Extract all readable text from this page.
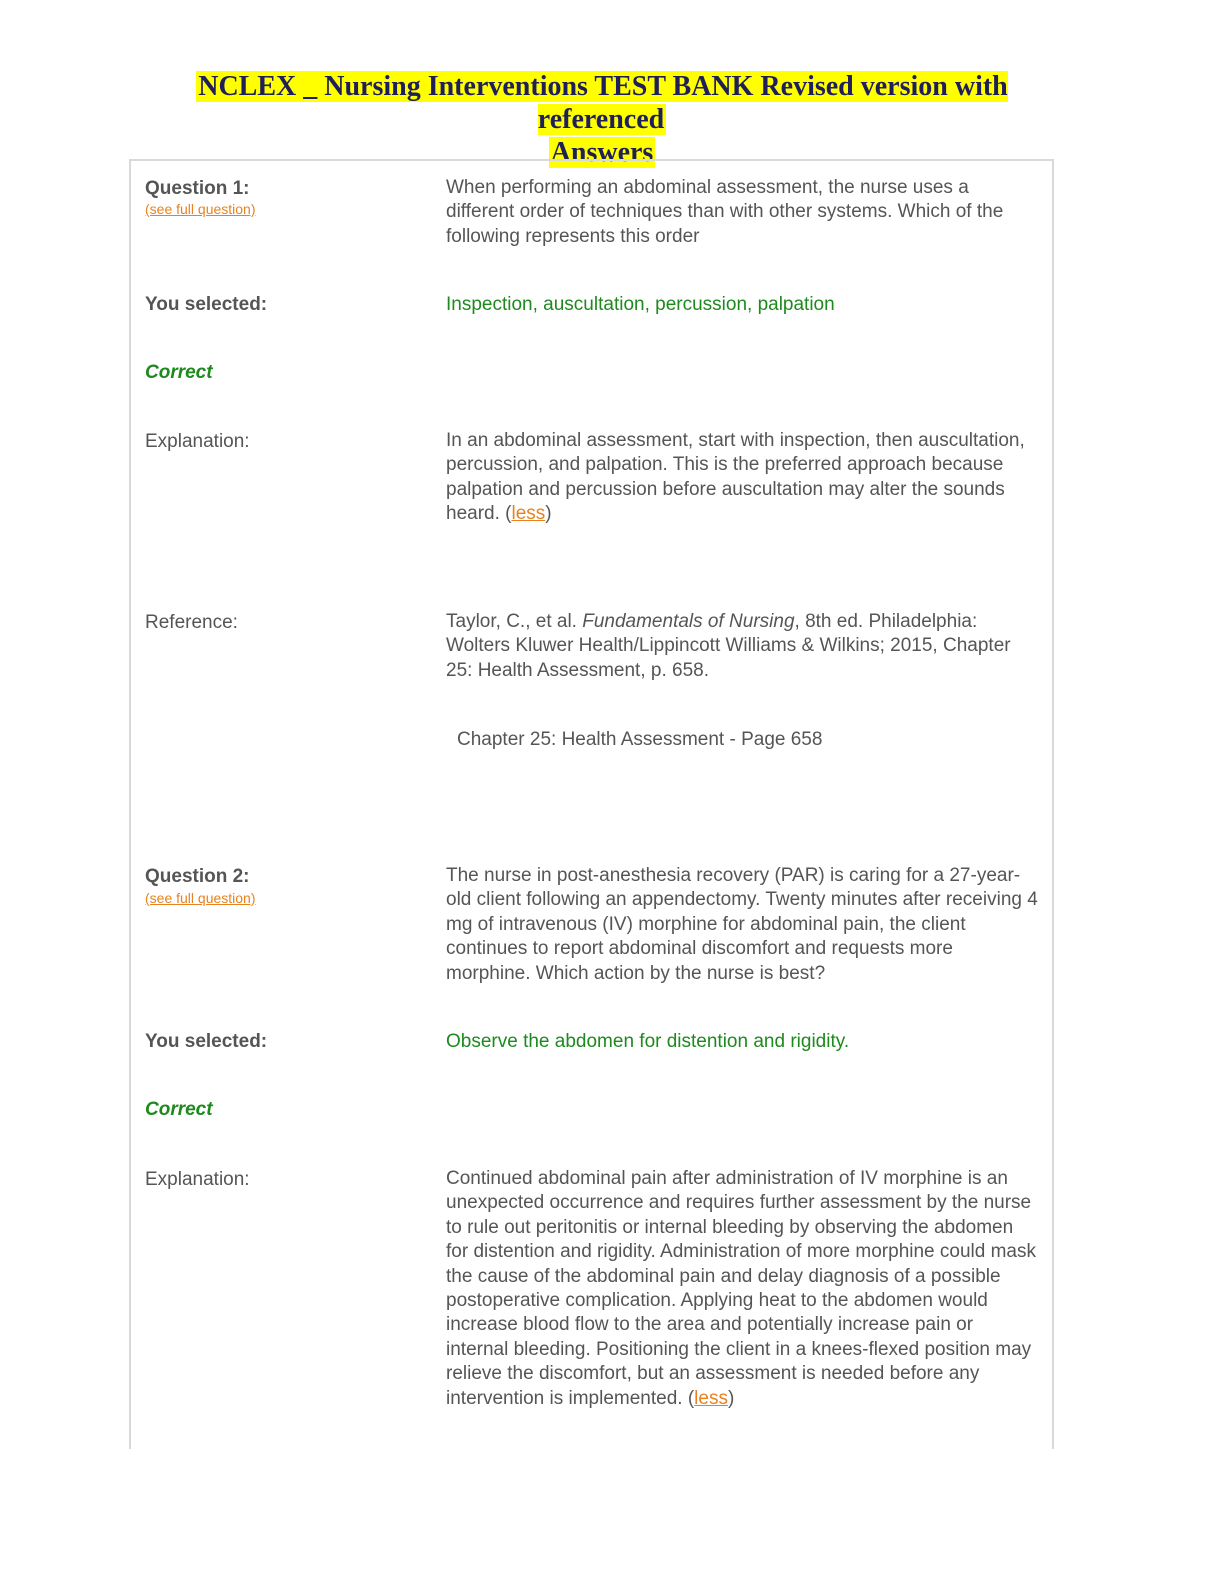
NCLEX _ Nursing Interventions TEST BANK Revised version with referenced
Answers
Question 1:
(see full question)
When performing an abdominal assessment, the nurse uses a different order of techniques than with other systems. Which of the following represents this order
You selected:	Inspection, auscultation, percussion, palpation
Correct
Explanation:	In an abdominal assessment, start with inspection, then auscultation, percussion, and palpation. This is the preferred approach because palpation and percussion before auscultation may alter the sounds heard. (less)
Reference:	Taylor, C., et al. Fundamentals of Nursing, 8th ed. Philadelphia: Wolters Kluwer Health/Lippincott Williams & Wilkins; 2015, Chapter 25: Health Assessment, p. 658.
Chapter 25: Health Assessment - Page 658
Question 2:
(see full question)
The nurse in post-anesthesia recovery (PAR) is caring for a 27-year-old client following an appendectomy. Twenty minutes after receiving 4 mg of intravenous (IV) morphine for abdominal pain, the client continues to report abdominal discomfort and requests more morphine. Which action by the nurse is best?
You selected:	Observe the abdomen for distention and rigidity.
Correct
Explanation:	Continued abdominal pain after administration of IV morphine is an unexpected occurrence and requires further assessment by the nurse to rule out peritonitis or internal bleeding by observing the abdomen for distention and rigidity. Administration of more morphine could mask the cause of the abdominal pain and delay diagnosis of a possible postoperative complication. Applying heat to the abdomen would increase blood flow to the area and potentially increase pain or internal bleeding. Positioning the client in a knees-flexed position may relieve the discomfort, but an assessment is needed before any intervention is implemented. (less)
